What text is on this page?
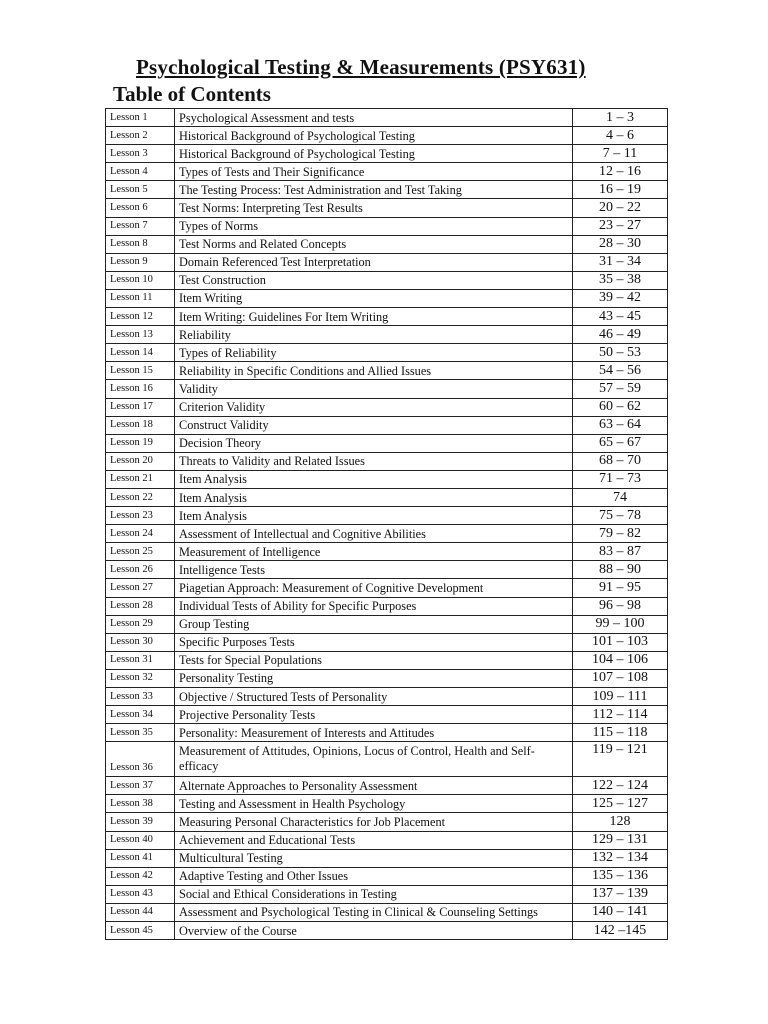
Psychological Testing & Measurements (PSY631)
Table of Contents
Lesson 1	Psychological Assessment and tests	1 – 3
Lesson 2	Historical Background of Psychological Testing	4 – 6
Lesson 3	Historical Background of Psychological Testing	7 – 11
Lesson 4	Types of Tests and Their Significance	12 – 16
Lesson 5	The Testing Process: Test Administration and Test Taking	16 – 19
Lesson 6	Test Norms: Interpreting Test Results	20 – 22
Lesson 7	Types of Norms	23 – 27
Lesson 8	Test Norms and Related Concepts	28 – 30
Lesson 9	Domain Referenced Test Interpretation	31 – 34
Lesson 10	Test Construction	35 – 38
Lesson 11	Item Writing	39 – 42
Lesson 12	Item Writing: Guidelines For Item Writing	43 – 45
Lesson 13	Reliability	46 – 49
Lesson 14	Types of Reliability	50 – 53
Lesson 15	Reliability in Specific Conditions and Allied Issues	54 – 56
Lesson 16	Validity	57 – 59
Lesson 17	Criterion Validity	60 – 62
Lesson 18	Construct Validity	63 – 64
Lesson 19	Decision Theory	65 – 67
Lesson 20	Threats to Validity and Related Issues	68 – 70
Lesson 21	Item Analysis	71 – 73
Lesson 22	Item Analysis	74
Lesson 23	Item Analysis	75 – 78
Lesson 24	Assessment of Intellectual and Cognitive Abilities	79 – 82
Lesson 25	Measurement of Intelligence	83 – 87
Lesson 26	Intelligence Tests	88 – 90
Lesson 27	Piagetian Approach: Measurement of Cognitive Development	91 – 95
Lesson 28	Individual Tests of Ability for Specific Purposes	96 – 98
Lesson 29	Group Testing	99 – 100
Lesson 30	Specific Purposes Tests	101 – 103
Lesson 31	Tests for Special Populations	104 – 106
Lesson 32	Personality Testing	107 – 108
Lesson 33	Objective / Structured Tests of Personality	109 – 111
Lesson 34	Projective Personality Tests	112 – 114
Lesson 35	Personality: Measurement of Interests and Attitudes	115 – 118
Lesson 36	Measurement of Attitudes, Opinions, Locus of Control, Health and Self-efficacy	119 – 121
Lesson 37	Alternate Approaches to Personality Assessment	122 – 124
Lesson 38	Testing and Assessment in Health Psychology	125 – 127
Lesson 39	Measuring Personal Characteristics for Job Placement	128
Lesson 40	Achievement and Educational Tests	129 – 131
Lesson 41	Multicultural Testing	132 – 134
Lesson 42	Adaptive Testing and Other Issues	135 – 136
Lesson 43	Social and Ethical Considerations in Testing	137 – 139
Lesson 44	Assessment and Psychological Testing in Clinical & Counseling Settings	140 – 141
Lesson 45	Overview of the Course	142 –145
